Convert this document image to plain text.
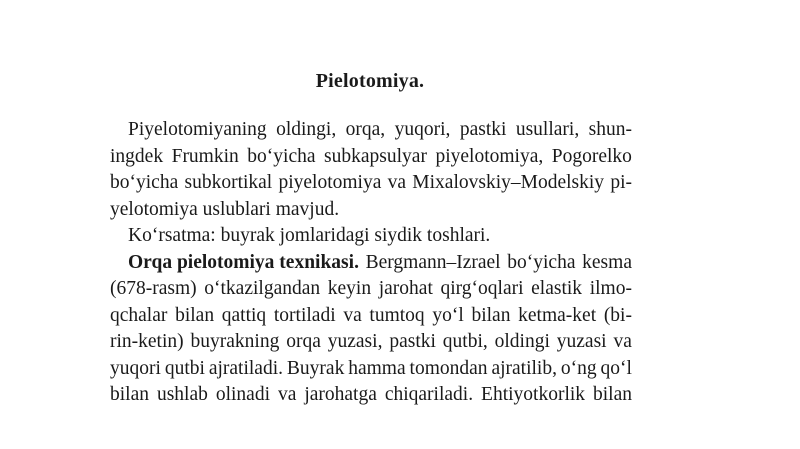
Pielotomiya.
Piyelotomiyaning oldingi, orqa, yuqori, pastki usullari, shun-
ingdek Frumkin bo‘yicha subkapsulyar piyelotomiya, Pogorelko
bo‘yicha subkortikal piyelotomiya va Mixalovskiy–Modelskiy pi-
yelotomiya uslublari mavjud.
Ko‘rsatma: buyrak jomlaridagi siydik toshlari.
Orqa pielotomiya texnikasi. Bergmann–Izrael bo‘yicha kesma
(678-rasm) o‘tkazilgandan keyin jarohat qirg‘oqlari elastik ilmo-
qchalar bilan qattiq tortiladi va tumtoq yo‘l bilan ketma-ket (bi-
rin-ketin) buyrakning orqa yuzasi, pastki qutbi, oldingi yuzasi va
yuqori qutbi ajratiladi. Buyrak hamma tomondan ajratilib, o‘ng qo‘l
bilan ushlab olinadi va jarohatga chiqariladi. Ehtiyotkorlik bilan
